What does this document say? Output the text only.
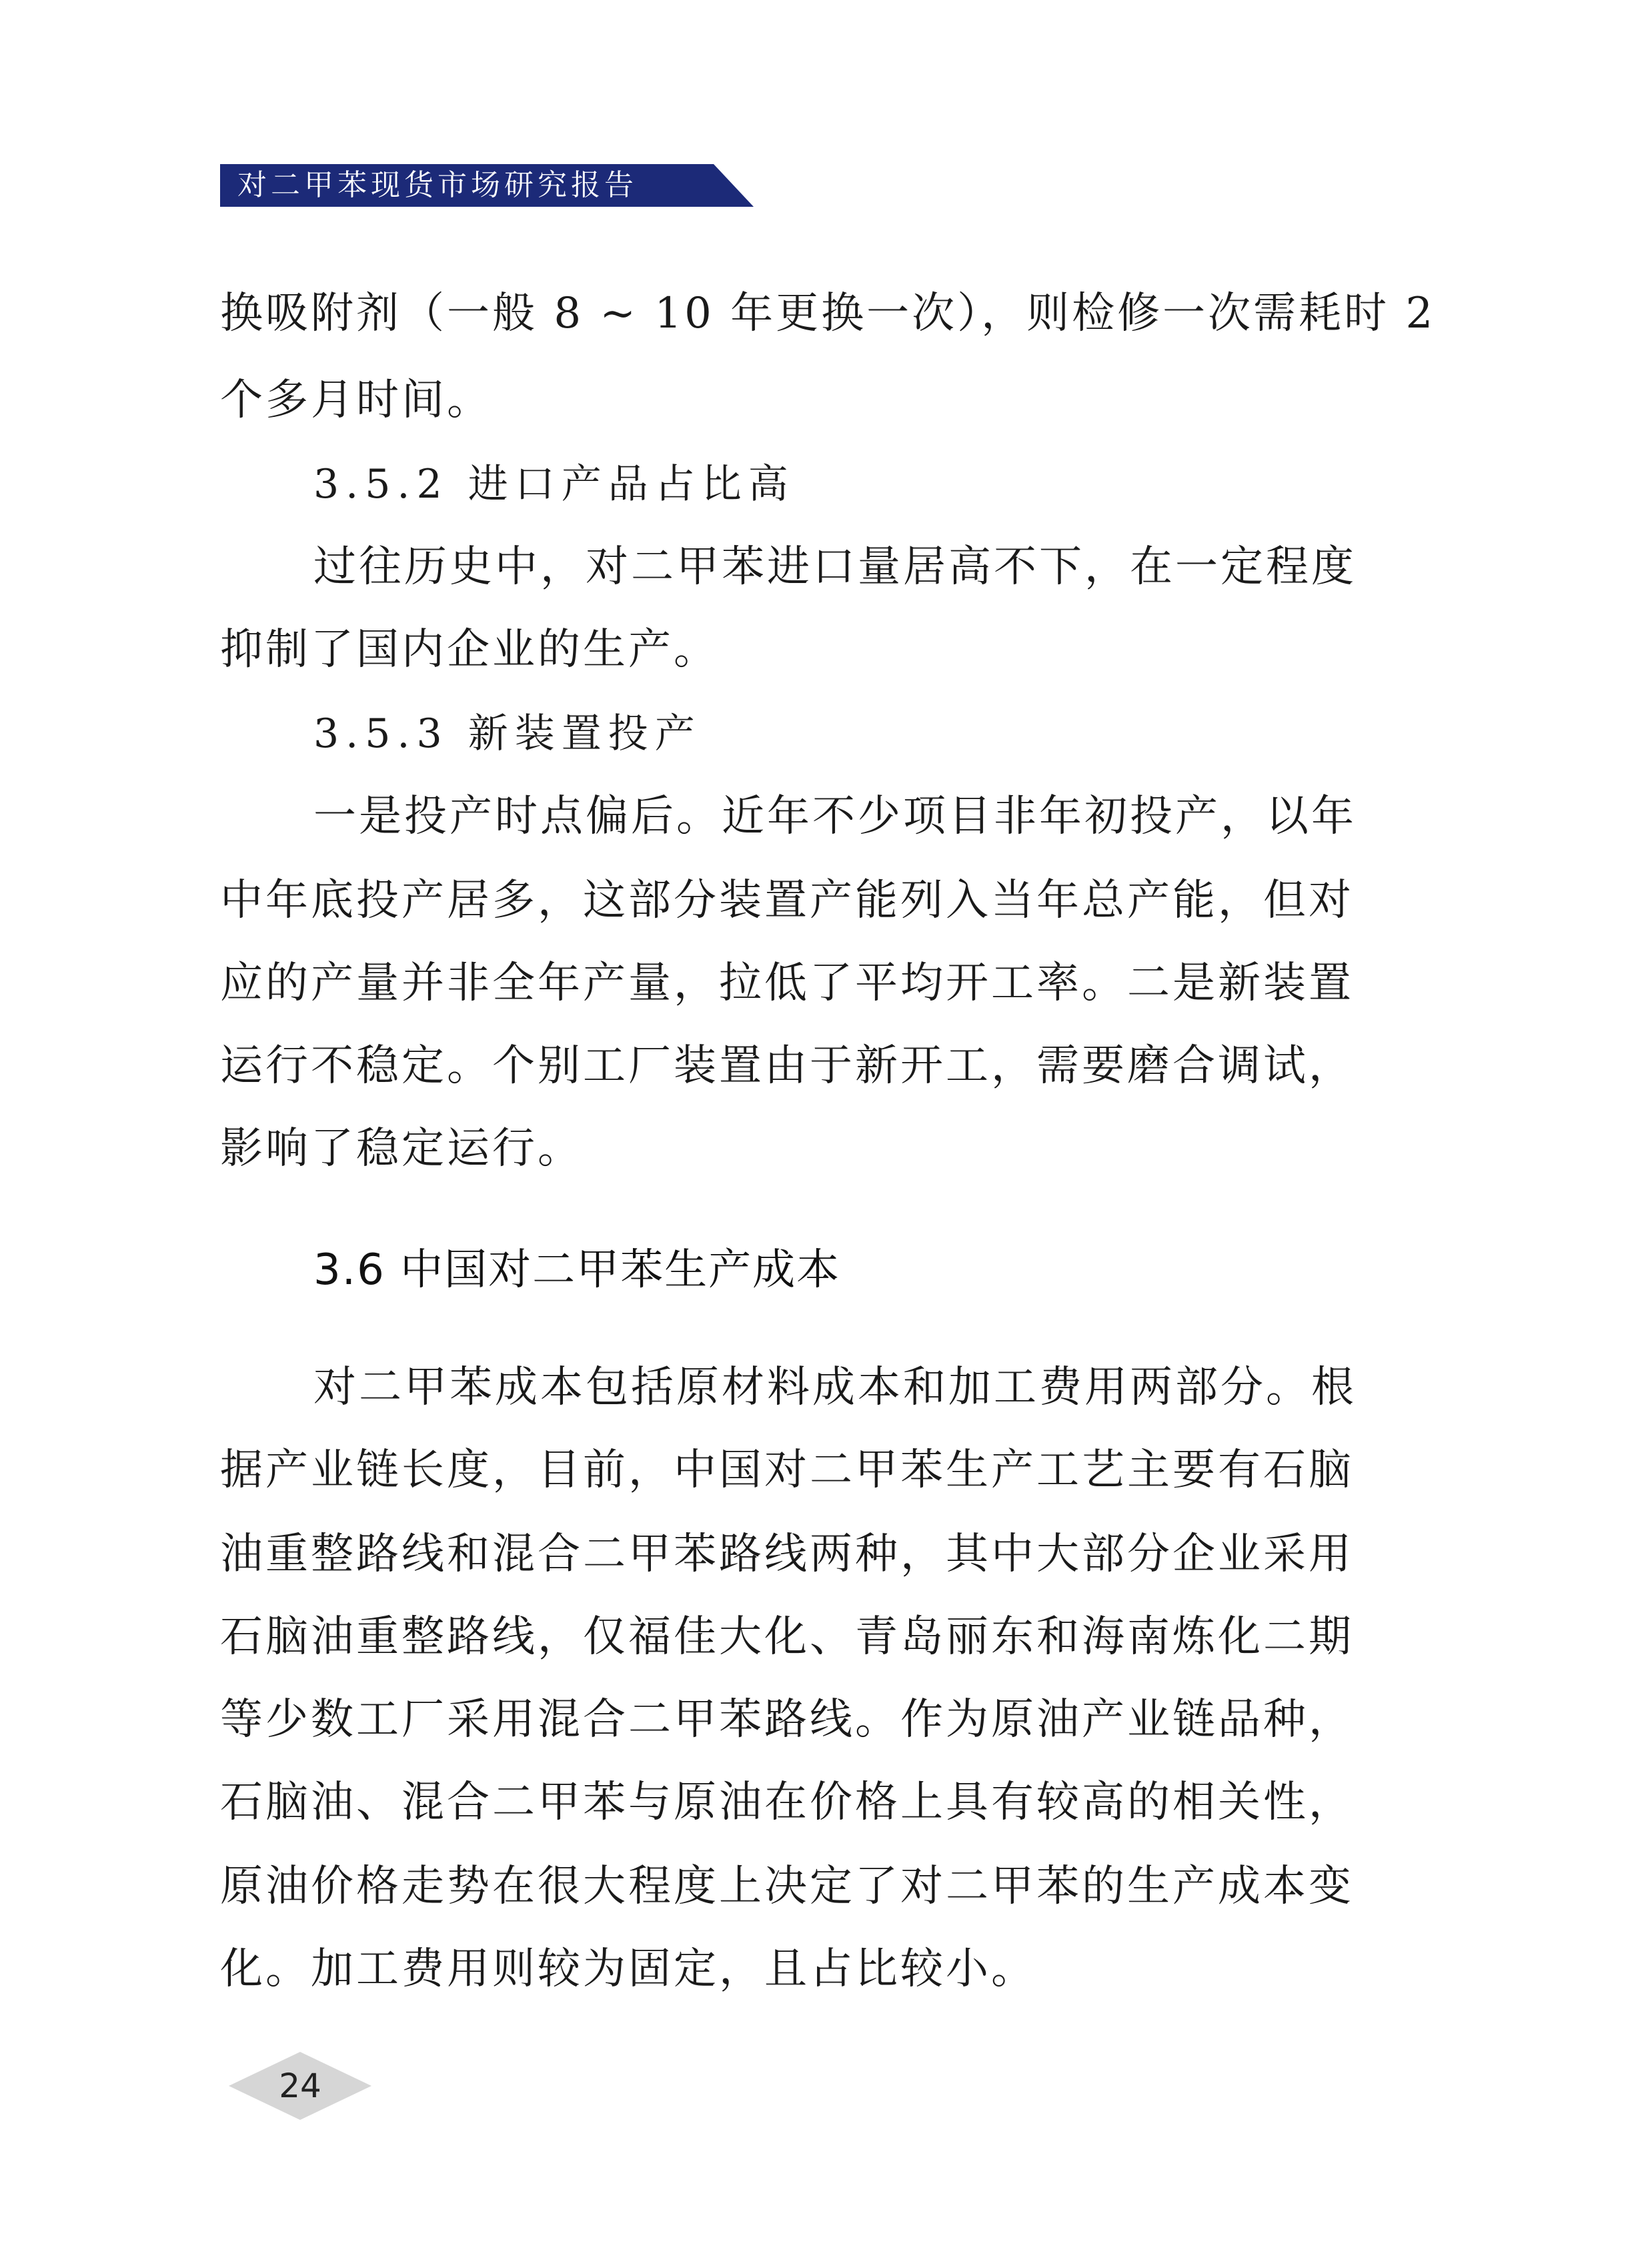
对二甲苯现货市场研究报告
换吸附剂（一般 8 ~ 10 年更换一次），则检修一次需耗时 2
个多月时间。
3.5.2 进口产品占比高
过往历史中，对二甲苯进口量居高不下，在一定程度
抑制了国内企业的生产。
3.5.3 新装置投产
一是投产时点偏后。近年不少项目非年初投产，以年
中年底投产居多，这部分装置产能列入当年总产能，但对
应的产量并非全年产量，拉低了平均开工率。二是新装置
运行不稳定。个别工厂装置由于新开工，需要磨合调试，
影响了稳定运行。
3.6 中国对二甲苯生产成本
对二甲苯成本包括原材料成本和加工费用两部分。根
据产业链长度，目前，中国对二甲苯生产工艺主要有石脑
油重整路线和混合二甲苯路线两种，其中大部分企业采用
石脑油重整路线，仅福佳大化、青岛丽东和海南炼化二期
等少数工厂采用混合二甲苯路线。作为原油产业链品种，
石脑油、混合二甲苯与原油在价格上具有较高的相关性，
原油价格走势在很大程度上决定了对二甲苯的生产成本变
化。加工费用则较为固定，且占比较小。
24
